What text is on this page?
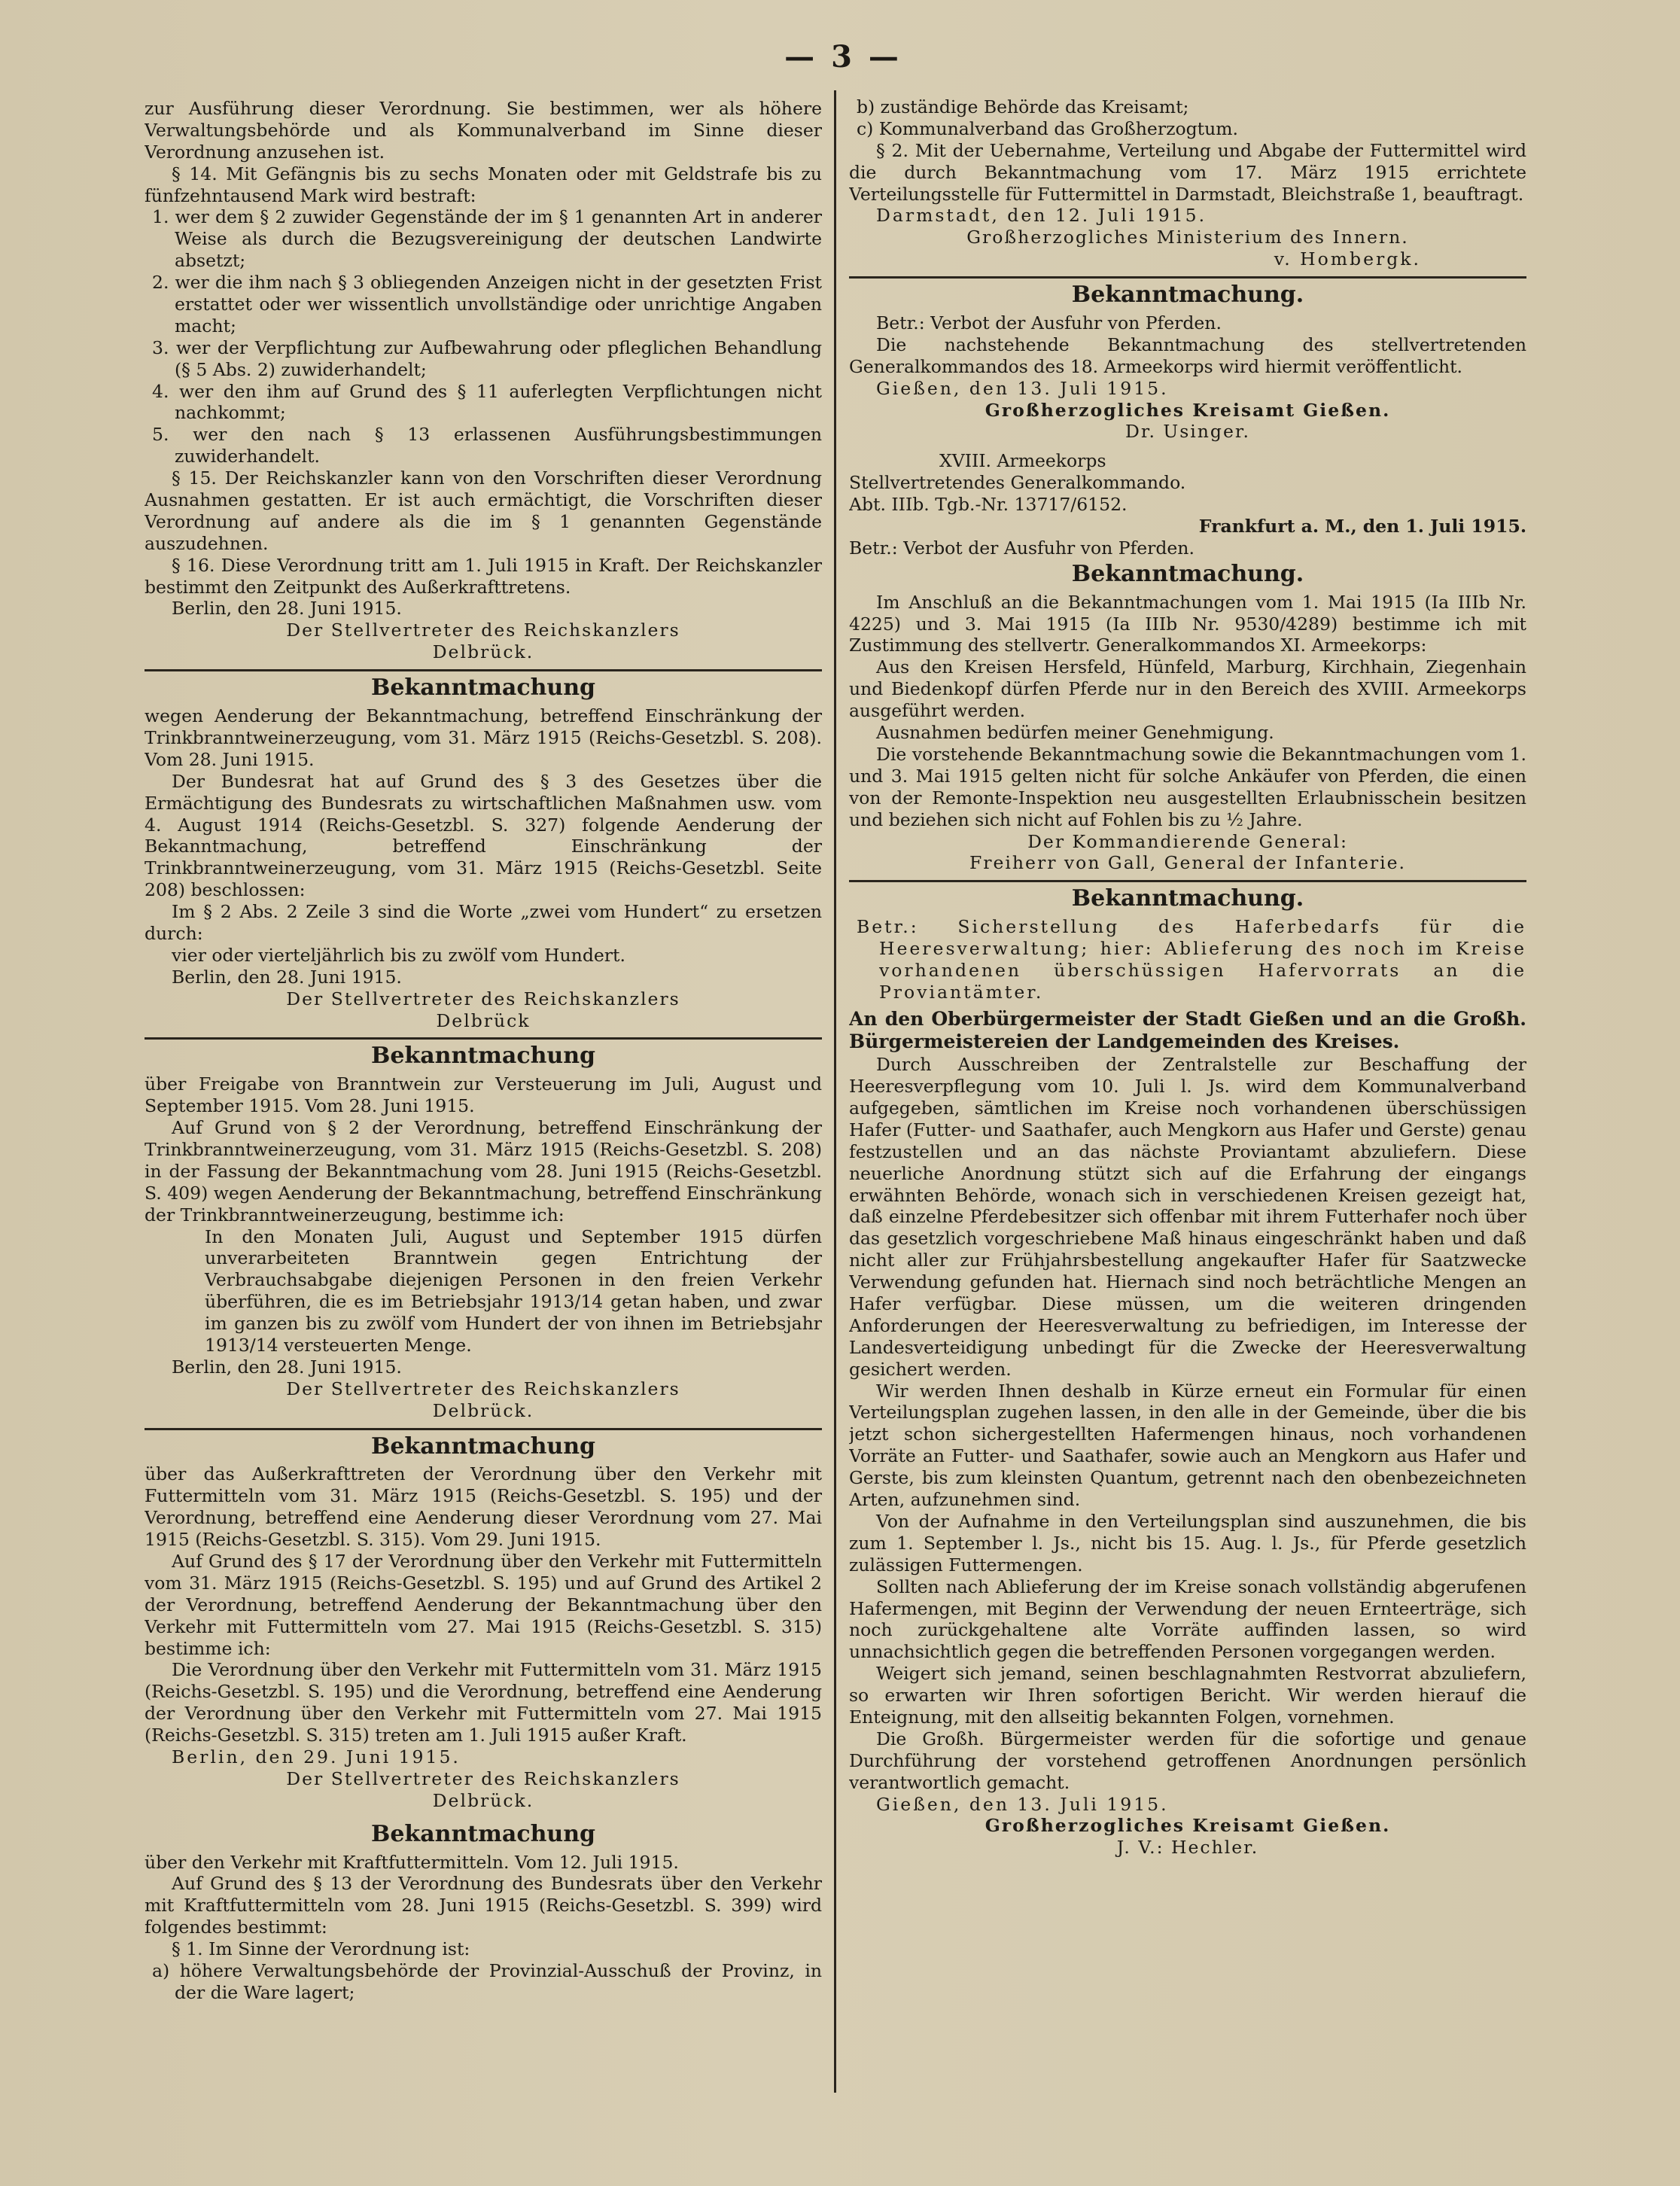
— 3 —

zur Ausführung dieser Verordnung. Sie bestimmen, wer als höhere Verwaltungsbehörde und als Kommunalverband im Sinne dieser Verordnung anzusehen ist.

§ 14. Mit Gefängnis bis zu sechs Monaten oder mit Geldstrafe bis zu fünfzehntausend Mark wird bestraft:

1. wer dem § 2 zuwider Gegenstände der im § 1 genannten Art in anderer Weise als durch die Bezugsvereinigung der deutschen Landwirte absetzt;

2. wer die ihm nach § 3 obliegenden Anzeigen nicht in der gesetzten Frist erstattet oder wer wissentlich unvollständige oder unrichtige Angaben macht;

3. wer der Verpflichtung zur Aufbewahrung oder pfleglichen Behandlung (§ 5 Abs. 2) zuwiderhandelt;

4. wer den ihm auf Grund des § 11 auferlegten Verpflichtungen nicht nachkommt;

5. wer den nach § 13 erlassenen Ausführungsbestimmungen zuwiderhandelt.

§ 15. Der Reichskanzler kann von den Vorschriften dieser Verordnung Ausnahmen gestatten. Er ist auch ermächtigt, die Vorschriften dieser Verordnung auf andere als die im § 1 genannten Gegenstände auszudehnen.

§ 16. Diese Verordnung tritt am 1. Juli 1915 in Kraft. Der Reichskanzler bestimmt den Zeitpunkt des Außerkrafttretens.

Berlin, den 28. Juni 1915.

Der Stellvertreter des Reichskanzlers

Delbrück.

Bekanntmachung

wegen Aenderung der Bekanntmachung, betreffend Einschränkung der Trinkbranntweinerzeugung, vom 31. März 1915 (Reichs-Gesetzbl. S. 208). Vom 28. Juni 1915.

Der Bundesrat hat auf Grund des § 3 des Gesetzes über die Ermächtigung des Bundesrats zu wirtschaftlichen Maßnahmen usw. vom 4. August 1914 (Reichs-Gesetzbl. S. 327) folgende Aenderung der Bekanntmachung, betreffend Einschränkung der Trinkbranntweinerzeugung, vom 31. März 1915 (Reichs-Gesetzbl. Seite 208) beschlossen:

Im § 2 Abs. 2 Zeile 3 sind die Worte „zwei vom Hundert“ zu ersetzen durch:

vier oder vierteljährlich bis zu zwölf vom Hundert.

Berlin, den 28. Juni 1915.

Der Stellvertreter des Reichskanzlers

Delbrück

Bekanntmachung

über Freigabe von Branntwein zur Versteuerung im Juli, August und September 1915. Vom 28. Juni 1915.

Auf Grund von § 2 der Verordnung, betreffend Einschränkung der Trinkbranntweinerzeugung, vom 31. März 1915 (Reichs-Gesetzbl. S. 208) in der Fassung der Bekanntmachung vom 28. Juni 1915 (Reichs-Gesetzbl. S. 409) wegen Aenderung der Bekanntmachung, betreffend Einschränkung der Trinkbranntweinerzeugung, bestimme ich:

In den Monaten Juli, August und September 1915 dürfen unverarbeiteten Branntwein gegen Entrichtung der Verbrauchsabgabe diejenigen Personen in den freien Verkehr überführen, die es im Betriebsjahr 1913/14 getan haben, und zwar im ganzen bis zu zwölf vom Hundert der von ihnen im Betriebsjahr 1913/14 versteuerten Menge.

Berlin, den 28. Juni 1915.

Der Stellvertreter des Reichskanzlers

Delbrück.

Bekanntmachung

über das Außerkrafttreten der Verordnung über den Verkehr mit Futtermitteln vom 31. März 1915 (Reichs-Gesetzbl. S. 195) und der Verordnung, betreffend eine Aenderung dieser Verordnung vom 27. Mai 1915 (Reichs-Gesetzbl. S. 315). Vom 29. Juni 1915.

Auf Grund des § 17 der Verordnung über den Verkehr mit Futtermitteln vom 31. März 1915 (Reichs-Gesetzbl. S. 195) und auf Grund des Artikel 2 der Verordnung, betreffend Aenderung der Bekanntmachung über den Verkehr mit Futtermitteln vom 27. Mai 1915 (Reichs-Gesetzbl. S. 315) bestimme ich:

Die Verordnung über den Verkehr mit Futtermitteln vom 31. März 1915 (Reichs-Gesetzbl. S. 195) und die Verordnung, betreffend eine Aenderung der Verordnung über den Verkehr mit Futtermitteln vom 27. Mai 1915 (Reichs-Gesetzbl. S. 315) treten am 1. Juli 1915 außer Kraft.

Berlin, den 29. Juni 1915.

Der Stellvertreter des Reichskanzlers

Delbrück.

Bekanntmachung

über den Verkehr mit Kraftfuttermitteln. Vom 12. Juli 1915.

Auf Grund des § 13 der Verordnung des Bundesrats über den Verkehr mit Kraftfuttermitteln vom 28. Juni 1915 (Reichs-Gesetzbl. S. 399) wird folgendes bestimmt:

§ 1. Im Sinne der Verordnung ist:

a) höhere Verwaltungsbehörde der Provinzial-Ausschuß der Provinz, in der die Ware lagert;

b) zuständige Behörde das Kreisamt;

c) Kommunalverband das Großherzogtum.

§ 2. Mit der Uebernahme, Verteilung und Abgabe der Futtermittel wird die durch Bekanntmachung vom 17. März 1915 errichtete Verteilungsstelle für Futtermittel in Darmstadt, Bleichstraße 1, beauftragt.

Darmstadt, den 12. Juli 1915.

Großherzogliches Ministerium des Innern.

v. Hombergk.

Bekanntmachung.

Betr.: Verbot der Ausfuhr von Pferden.

Die nachstehende Bekanntmachung des stellvertretenden Generalkommandos des 18. Armeekorps wird hiermit veröffentlicht.

Gießen, den 13. Juli 1915.

Großherzogliches Kreisamt Gießen.

Dr. Usinger.

XVIII. Armeekorps

Stellvertretendes Generalkommando.

Abt. IIIb. Tgb.-Nr. 13717/6152.

Frankfurt a. M., den 1. Juli 1915.

Betr.: Verbot der Ausfuhr von Pferden.

Bekanntmachung.

Im Anschluß an die Bekanntmachungen vom 1. Mai 1915 (Ia IIIb Nr. 4225) und 3. Mai 1915 (Ia IIIb Nr. 9530/4289) bestimme ich mit Zustimmung des stellvertr. Generalkommandos XI. Armeekorps:

Aus den Kreisen Hersfeld, Hünfeld, Marburg, Kirchhain, Ziegenhain und Biedenkopf dürfen Pferde nur in den Bereich des XVIII. Armeekorps ausgeführt werden.

Ausnahmen bedürfen meiner Genehmigung.

Die vorstehende Bekanntmachung sowie die Bekanntmachungen vom 1. und 3. Mai 1915 gelten nicht für solche Ankäufer von Pferden, die einen von der Remonte-Inspektion neu ausgestellten Erlaubnisschein besitzen und beziehen sich nicht auf Fohlen bis zu ½ Jahre.

Der Kommandierende General:

Freiherr von Gall, General der Infanterie.

Bekanntmachung.

Betr.: Sicherstellung des Haferbedarfs für die Heeresverwaltung; hier: Ablieferung des noch im Kreise vorhandenen überschüssigen Hafervorrats an die Proviantämter.

An den Oberbürgermeister der Stadt Gießen und an die Großh. Bürgermeistereien der Landgemeinden des Kreises.

Durch Ausschreiben der Zentralstelle zur Beschaffung der Heeresverpflegung vom 10. Juli l. Js. wird dem Kommunalverband aufgegeben, sämtlichen im Kreise noch vorhandenen überschüssigen Hafer (Futter- und Saathafer, auch Mengkorn aus Hafer und Gerste) genau festzustellen und an das nächste Proviantamt abzuliefern. Diese neuerliche Anordnung stützt sich auf die Erfahrung der eingangs erwähnten Behörde, wonach sich in verschiedenen Kreisen gezeigt hat, daß einzelne Pferdebesitzer sich offenbar mit ihrem Futterhafer noch über das gesetzlich vorgeschriebene Maß hinaus eingeschränkt haben und daß nicht aller zur Frühjahrsbestellung angekaufter Hafer für Saatzwecke Verwendung gefunden hat. Hiernach sind noch beträchtliche Mengen an Hafer verfügbar. Diese müssen, um die weiteren dringenden Anforderungen der Heeresverwaltung zu befriedigen, im Interesse der Landesverteidigung unbedingt für die Zwecke der Heeresverwaltung gesichert werden.

Wir werden Ihnen deshalb in Kürze erneut ein Formular für einen Verteilungsplan zugehen lassen, in den alle in der Gemeinde, über die bis jetzt schon sichergestellten Hafermengen hinaus, noch vorhandenen Vorräte an Futter- und Saathafer, sowie auch an Mengkorn aus Hafer und Gerste, bis zum kleinsten Quantum, getrennt nach den obenbezeichneten Arten, aufzunehmen sind.

Von der Aufnahme in den Verteilungsplan sind auszunehmen, die bis zum 1. September l. Js., nicht bis 15. Aug. l. Js., für Pferde gesetzlich zulässigen Futtermengen.

Sollten nach Ablieferung der im Kreise sonach vollständig abgerufenen Hafermengen, mit Beginn der Verwendung der neuen Ernteerträge, sich noch zurückgehaltene alte Vorräte auffinden lassen, so wird unnachsichtlich gegen die betreffenden Personen vorgegangen werden.

Weigert sich jemand, seinen beschlagnahmten Restvorrat abzuliefern, so erwarten wir Ihren sofortigen Bericht. Wir werden hierauf die Enteignung, mit den allseitig bekannten Folgen, vornehmen.

Die Großh. Bürgermeister werden für die sofortige und genaue Durchführung der vorstehend getroffenen Anordnungen persönlich verantwortlich gemacht.

Gießen, den 13. Juli 1915.

Großherzogliches Kreisamt Gießen.

J. V.: Hechler.
